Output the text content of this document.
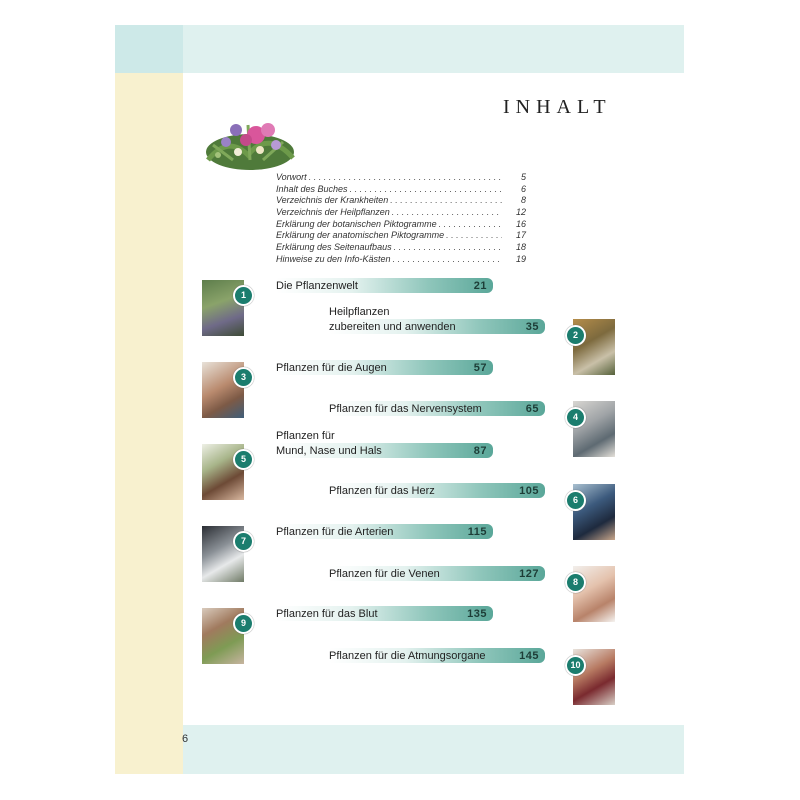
6
INHALT
Vorwort . . .	5
Inhalt des Buches . . .	6
Verzeichnis der Krankheiten . . .	8
Verzeichnis der Heilpflanzen . . .	12
Erklärung der botanischen Piktogramme . . .	16
Erklärung der anatomischen Piktogramme . . .	17
Erklärung des Seitenaufbaus . . .	18
Hinweise zu den Info-Kästen . . .	19
Die Pflanzenwelt	21
1
Heilpflanzen
zubereiten und anwenden	35
2
Pflanzen für die Augen	57
3
Pflanzen für das Nervensystem	65
4
Pflanzen für
Mund, Nase und Hals	87
5
Pflanzen für das Herz	105
6
Pflanzen für die Arterien	115
7
Pflanzen für die Venen	127
8
Pflanzen für das Blut	135
9
Pflanzen für die Atmungsorgane	145
10
